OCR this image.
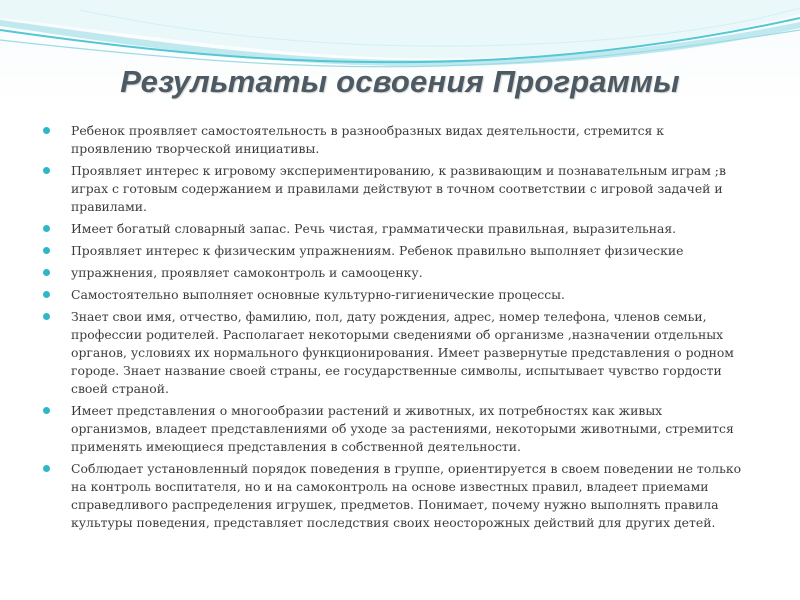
Результаты освоения Программы
Ребенок проявляет самостоятельность в разнообразных видах деятельности, стремится к проявлению творческой инициативы.
Проявляет интерес к игровому экспериментированию, к развивающим и познавательным играм ;в играх с готовым содержанием и правилами действуют в точном соответствии с игровой задачей и правилами.
Имеет богатый словарный запас. Речь чистая, грамматически правильная, выразительная.
Проявляет интерес к физическим упражнениям. Ребенок правильно выполняет физические
упражнения, проявляет самоконтроль и самооценку.
Самостоятельно выполняет основные культурно-гигиенические процессы.
Знает свои имя, отчество, фамилию, пол, дату рождения, адрес, номер телефона, членов семьи, профессии родителей. Располагает некоторыми сведениями об организме ,назначении отдельных органов, условиях их нормального функционирования. Имеет развернутые представления о родном городе. Знает название своей страны, ее государственные символы, испытывает чувство гордости своей страной.
Имеет представления о многообразии растений и животных, их потребностях как живых организмов, владеет представлениями об уходе за растениями, некоторыми животными, стремится применять имеющиеся представления в собственной деятельности.
Соблюдает установленный порядок поведения в группе, ориентируется в своем поведении не только на контроль воспитателя, но и на самоконтроль на основе известных правил, владеет приемами справедливого распределения игрушек, предметов. Понимает, почему нужно выполнять правила культуры поведения, представляет последствия своих неосторожных действий для других детей.
